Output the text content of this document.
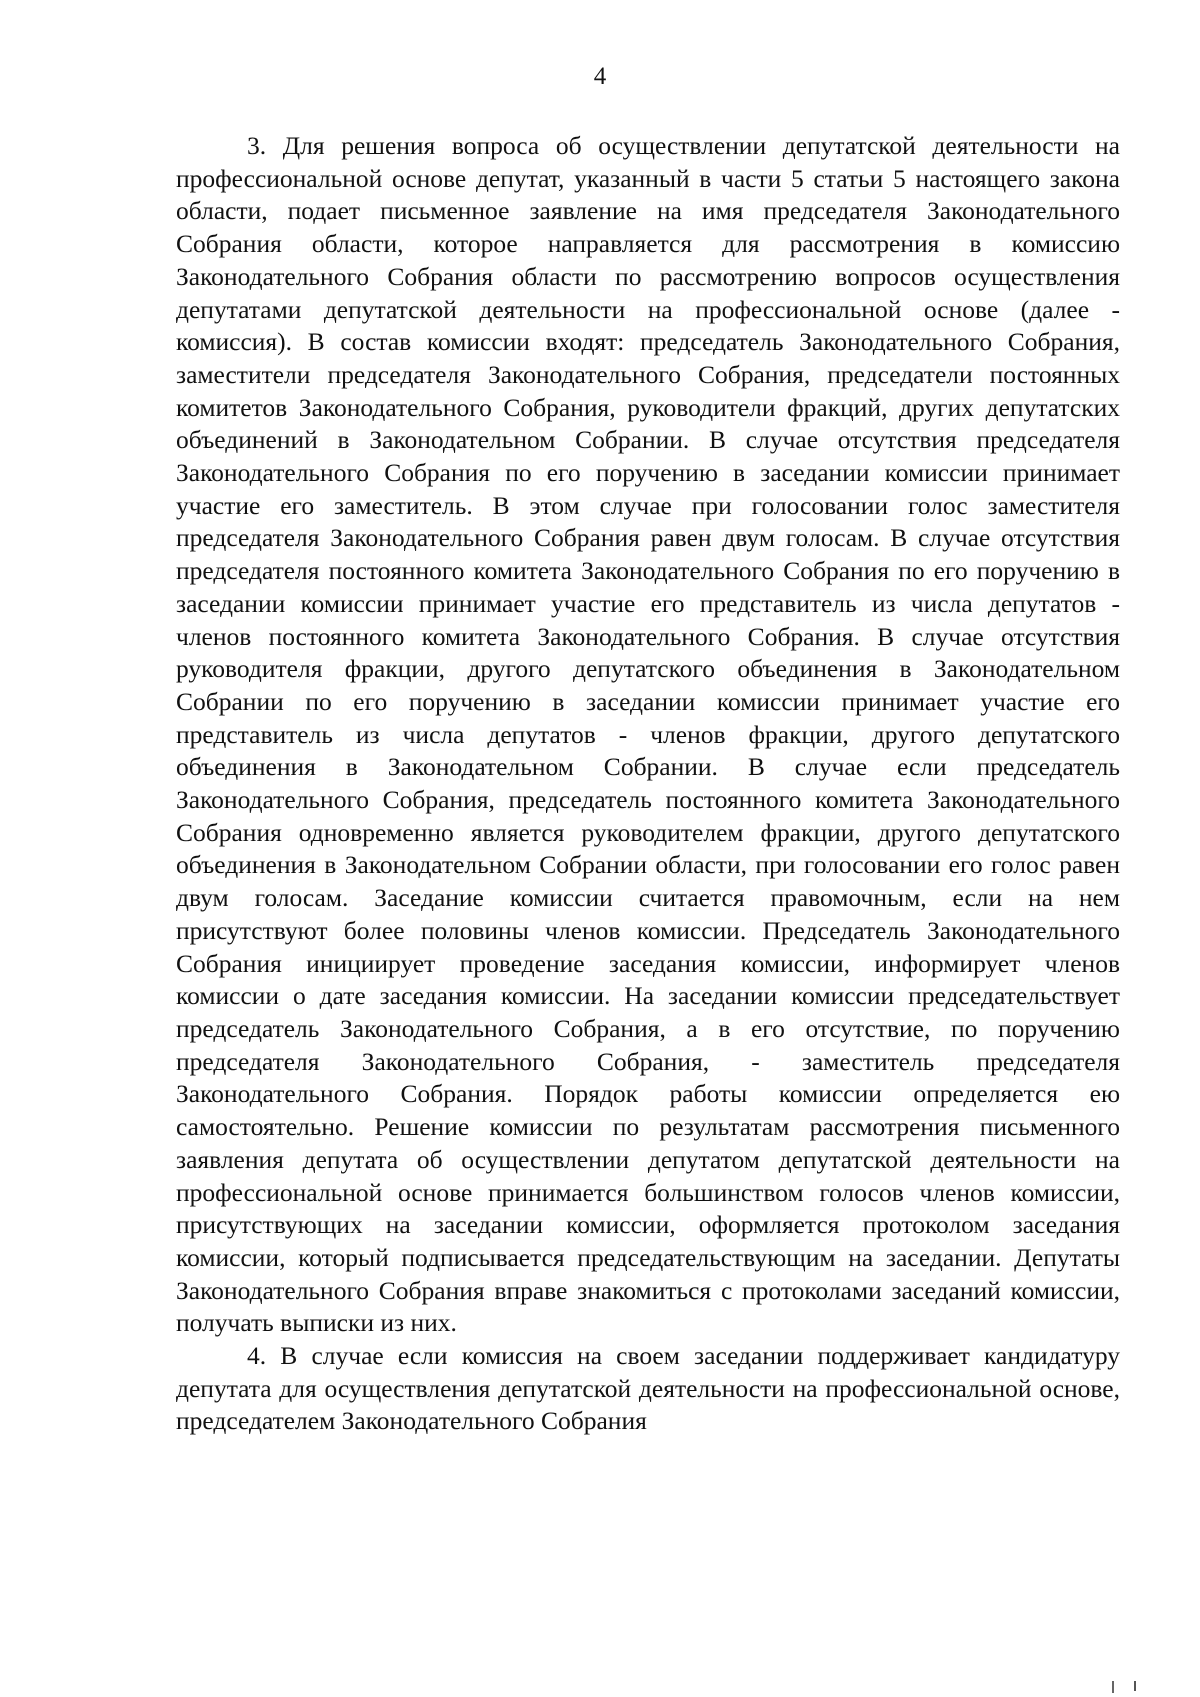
4

3. Для решения вопроса об осуществлении депутатской деятельности на профессиональной основе депутат, указанный в части 5 статьи 5 настоящего закона области, подает письменное заявление на имя председателя Законодательного Собрания области, которое направляется для рассмотрения в комиссию Законодательного Собрания области по рассмотрению вопросов осуществления депутатами депутатской деятельности на профессиональной основе (далее - комиссия). В состав комиссии входят: председатель Законодательного Собрания, заместители председателя Законодательного Собрания, председатели постоянных комитетов Законодательного Собрания, руководители фракций, других депутатских объединений в Законодательном Собрании. В случае отсутствия председателя Законодательного Собрания по его поручению в заседании комиссии принимает участие его заместитель. В этом случае при голосовании голос заместителя председателя Законодательного Собрания равен двум голосам. В случае отсутствия председателя постоянного комитета Законодательного Собрания по его поручению в заседании комиссии принимает участие его представитель из числа депутатов - членов постоянного комитета Законодательного Собрания. В случае отсутствия руководителя фракции, другого депутатского объединения в Законодательном Собрании по его поручению в заседании комиссии принимает участие его представитель из числа депутатов - членов фракции, другого депутатского объединения в Законодательном Собрании. В случае если председатель Законодательного Собрания, председатель постоянного комитета Законодательного Собрания одновременно является руководителем фракции, другого депутатского объединения в Законодательном Собрании области, при голосовании его голос равен двум голосам. Заседание комиссии считается правомочным, если на нем присутствуют более половины членов комиссии. Председатель Законодательного Собрания инициирует проведение заседания комиссии, информирует членов комиссии о дате заседания комиссии. На заседании комиссии председательствует председатель Законодательного Собрания, а в его отсутствие, по поручению председателя Законодательного Собрания, - заместитель председателя Законодательного Собрания. Порядок работы комиссии определяется ею самостоятельно. Решение комиссии по результатам рассмотрения письменного заявления депутата об осуществлении депутатом депутатской деятельности на профессиональной основе принимается большинством голосов членов комиссии, присутствующих на заседании комиссии, оформляется протоколом заседания комиссии, который подписывается председательствующим на заседании. Депутаты Законодательного Собрания вправе знакомиться с протоколами заседаний комиссии, получать выписки из них.

4. В случае если комиссия на своем заседании поддерживает кандидатуру депутата для осуществления депутатской деятельности на профессиональной основе, председателем Законодательного Собрания
